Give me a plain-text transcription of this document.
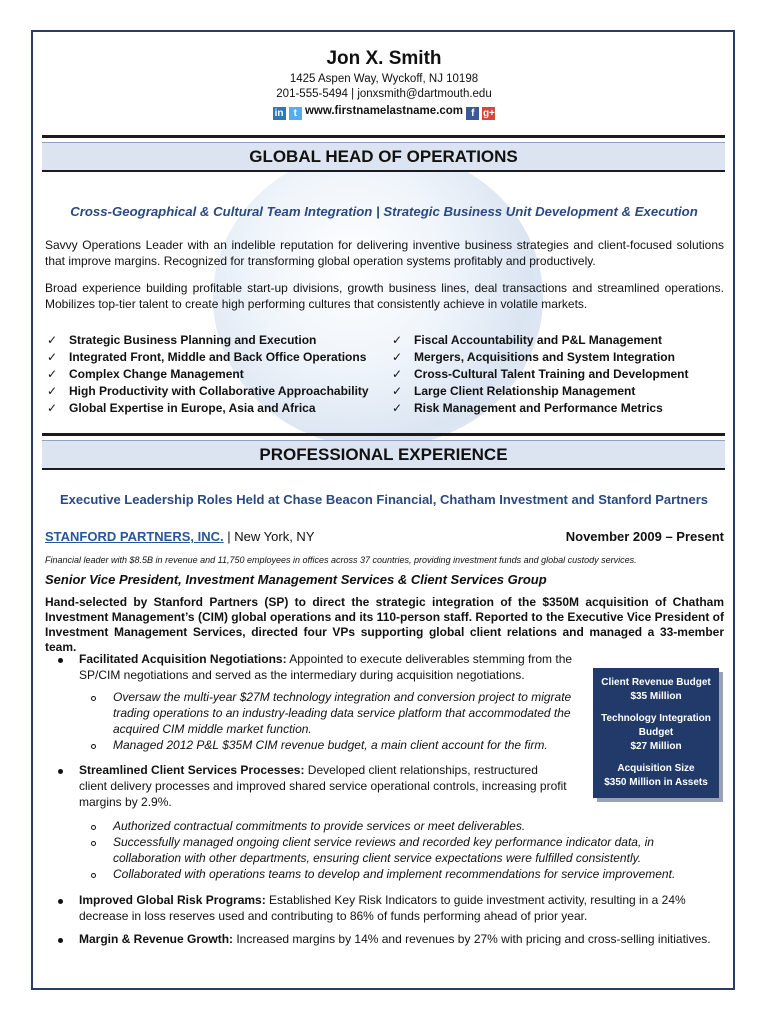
Jon X. Smith
1425 Aspen Way, Wyckoff, NJ 10198
201-555-5494 | jonxsmith@dartmouth.edu
in t www.firstnamelastname.com f g+
GLOBAL HEAD OF OPERATIONS
Cross-Geographical & Cultural Team Integration | Strategic Business Unit Development & Execution
Savvy Operations Leader with an indelible reputation for delivering inventive business strategies and client-focused solutions that improve margins. Recognized for transforming global operation systems profitably and productively.
Broad experience building profitable start-up divisions, growth business lines, deal transactions and streamlined operations. Mobilizes top-tier talent to create high performing cultures that consistently achieve in volatile markets.
✓ Strategic Business Planning and Execution
✓ Integrated Front, Middle and Back Office Operations
✓ Complex Change Management
✓ High Productivity with Collaborative Approachability
✓ Global Expertise in Europe, Asia and Africa
✓ Fiscal Accountability and P&L Management
✓ Mergers, Acquisitions and System Integration
✓ Cross-Cultural Talent Training and Development
✓ Large Client Relationship Management
✓ Risk Management and Performance Metrics
PROFESSIONAL EXPERIENCE
Executive Leadership Roles Held at Chase Beacon Financial, Chatham Investment and Stanford Partners
STANFORD PARTNERS, INC. | New York, NY	November 2009 – Present
Financial leader with $8.5B in revenue and 11,750 employees in offices across 37 countries, providing investment funds and global custody services.
Senior Vice President, Investment Management Services & Client Services Group
Hand-selected by Stanford Partners (SP) to direct the strategic integration of the $350M acquisition of Chatham Investment Management’s (CIM) global operations and its 110-person staff. Reported to the Executive Vice President of Investment Management Services, directed four VPs supporting global client relations and managed a 33-member team.
Facilitated Acquisition Negotiations: Appointed to execute deliverables stemming from the SP/CIM negotiations and served as the intermediary during acquisition negotiations.
Oversaw the multi-year $27M technology integration and conversion project to migrate trading operations to an industry-leading data service platform that accommodated the acquired CIM middle market function.
Managed 2012 P&L $35M CIM revenue budget, a main client account for the firm.
Streamlined Client Services Processes: Developed client relationships, restructured client delivery processes and improved shared service operational controls, increasing profit margins by 2.9%.
Authorized contractual commitments to provide services or meet deliverables.
Successfully managed ongoing client service reviews and recorded key performance indicator data, in collaboration with other departments, ensuring client service expectations were fulfilled consistently.
Collaborated with operations teams to develop and implement recommendations for service improvement.
Improved Global Risk Programs: Established Key Risk Indicators to guide investment activity, resulting in a 24% decrease in loss reserves used and contributing to 86% of funds performing ahead of prior year.
Margin & Revenue Growth: Increased margins by 14% and revenues by 27% with pricing and cross-selling initiatives.
Client Revenue Budget
$35 Million
Technology Integration Budget
$27 Million
Acquisition Size
$350 Million in Assets
